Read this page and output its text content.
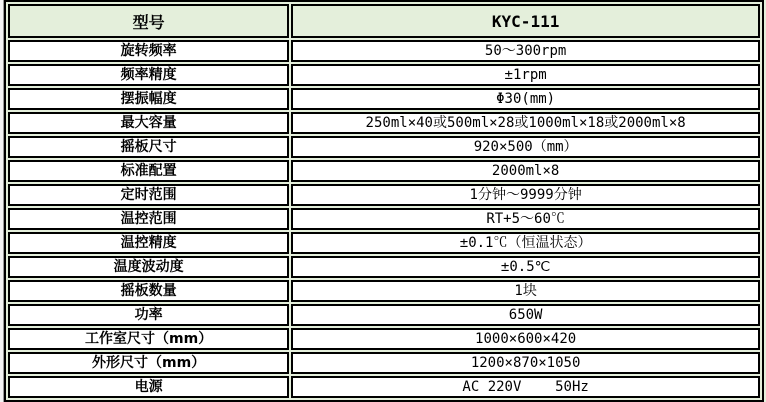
型号	KYC-111
旋转频率	50～300rpm
频率精度	±1rpm
摆振幅度	Φ30(mm)
最大容量	250ml×40或500ml×28或1000ml×18或2000ml×8
摇板尺寸	920×500（mm）
标准配置	2000ml×8
定时范围	1分钟～9999分钟
温控范围	RT+5～60℃
温控精度	±0.1℃（恒温状态）
温度波动度	±0.5℃
摇板数量	1块
功率	650W
工作室尺寸（mm）	1000×600×420
外形尺寸（mm）	1200×870×1050
电源	AC 220V    50Hz
